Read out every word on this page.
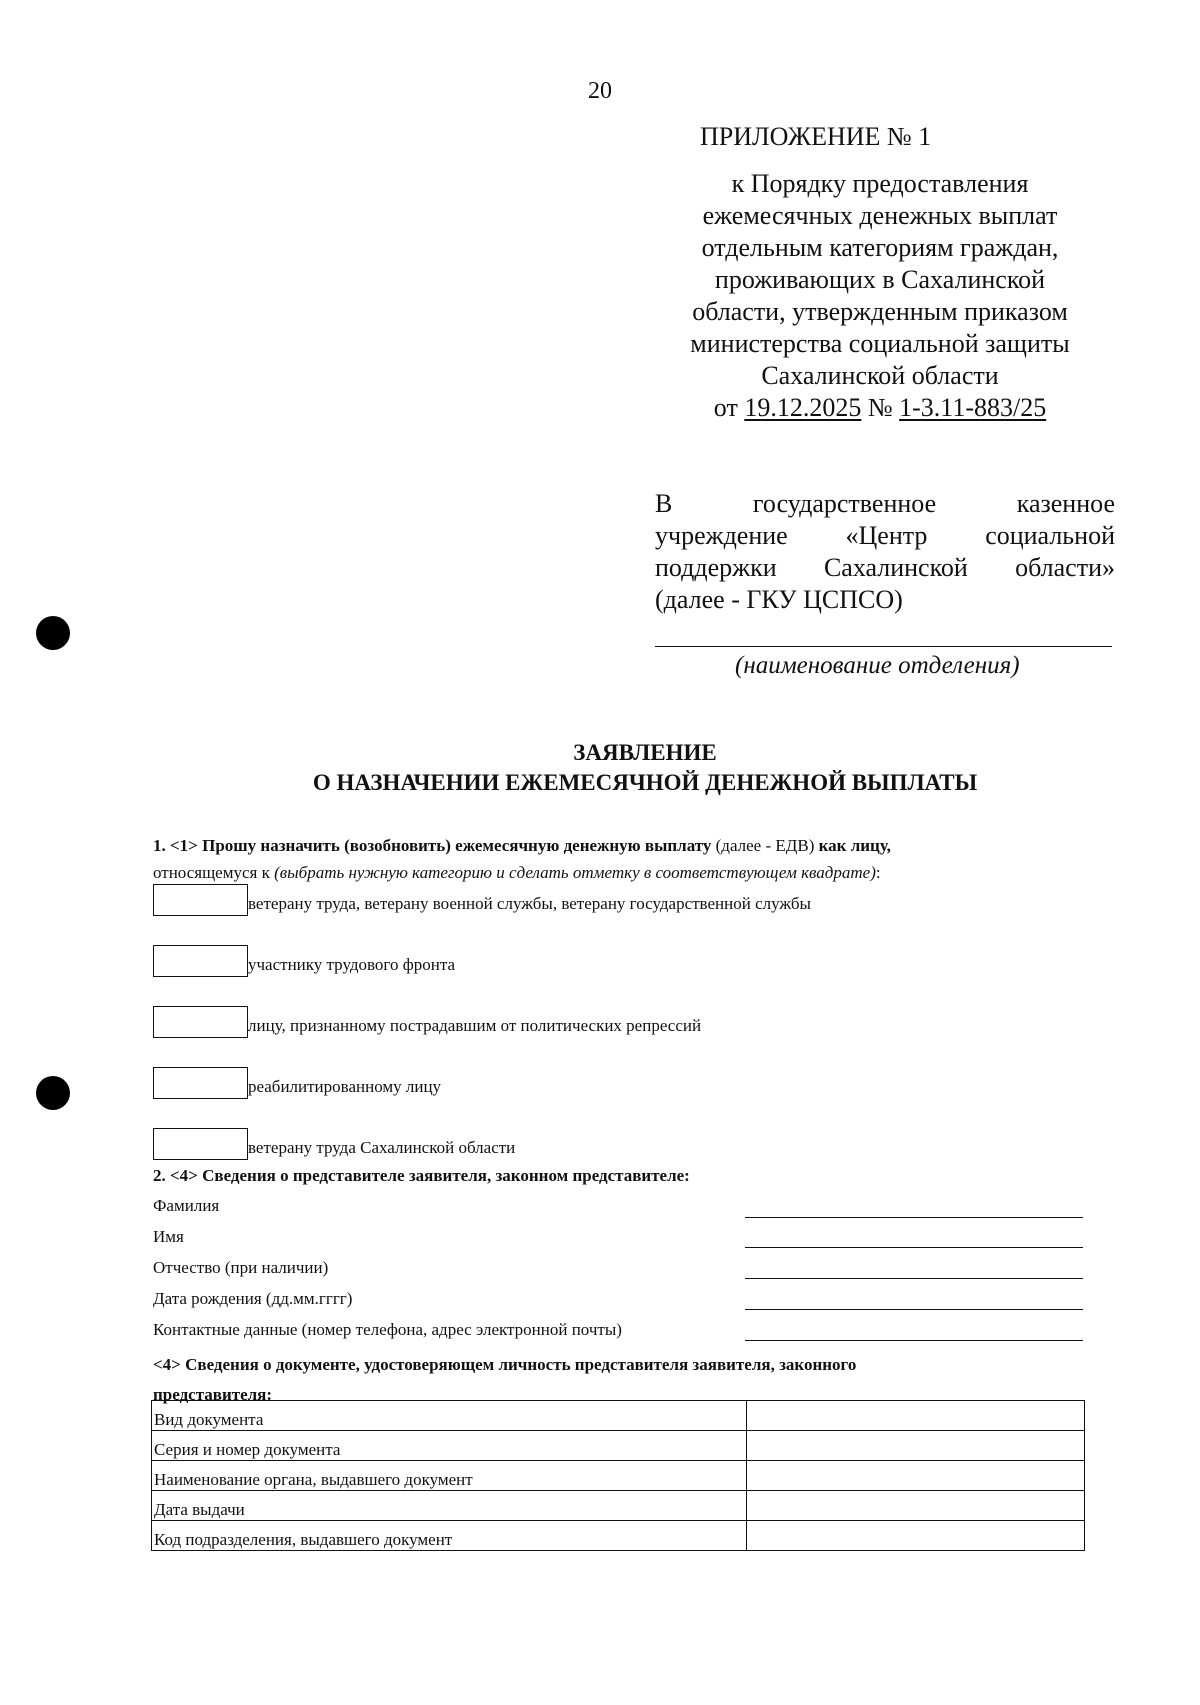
20
ПРИЛОЖЕНИЕ № 1
к Порядку предоставления
ежемесячных денежных выплат
отдельным категориям граждан,
проживающих в Сахалинской
области, утвержденным приказом
министерства социальной защиты
Сахалинской области
от 19.12.2025 № 1-3.11-883/25
В государственное казенное
учреждение «Центр социальной
поддержки Сахалинской области»
(далее - ГКУ ЦСПСО)
(наименование отделения)
ЗАЯВЛЕНИЕ
О НАЗНАЧЕНИИ ЕЖЕМЕСЯЧНОЙ ДЕНЕЖНОЙ ВЫПЛАТЫ
1. <1> Прошу назначить (возобновить) ежемесячную денежную выплату (далее - ЕДВ) как лицу,
относящемуся к (выбрать нужную категорию и сделать отметку в соответствующем квадрате):
ветерану труда, ветерану военной службы, ветерану государственной службы
участнику трудового фронта
лицу, признанному пострадавшим от политических репрессий
реабилитированному лицу
ветерану труда Сахалинской области
2. <4> Сведения о представителе заявителя, законном представителе:
Фамилия
Имя
Отчество (при наличии)
Дата рождения (дд.мм.гггг)
Контактные данные (номер телефона, адрес электронной почты)
<4> Сведения о документе, удостоверяющем личность представителя заявителя, законного представителя:
Вид документа	
Серия и номер документа	
Наименование органа, выдавшего документ	
Дата выдачи	
Код подразделения, выдавшего документ	
